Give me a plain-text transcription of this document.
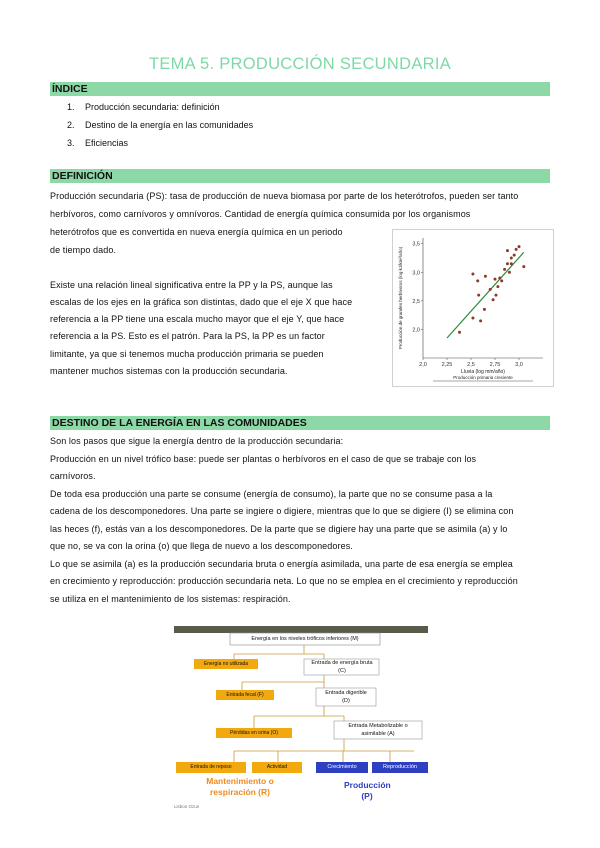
TEMA 5. PRODUCCIÓN SECUNDARIA
ÍNDICE
1. Producción secundaria: definición
2. Destino de la energía en las comunidades
3. Eficiencias
DEFINICIÓN
Producción secundaria (PS): tasa de producción de nueva biomasa por parte de los heterótrofos, pueden ser tanto
herbívoros, como carnívoros y omnívoros. Cantidad de energía química consumida por los organismos
heterótrofos que es convertida en nueva energía química en un periodo
de tiempo dado.
Existe una relación lineal significativa entre la PP y la PS, aunque las
escalas de los ejes en la gráfica son distintas, dado que el eje X que hace
referencia a la PP tiene una escala mucho mayor que el eje Y, que hace
referencia a la PS. Esto es el patrón. Para la PS, la PP es un factor
limitante, ya que si tenemos mucha producción primaria se pueden
mantener muchos sistemas con la producción secundaria.
2,0	2,25	2,5	2,75	3,0
2,0
2,5
3,0
3,5
Lluvia (log mm/año)
Producción primaria creciente
Producción de grandes herbívoros (log kJ/km²/año)
DESTINO DE LA ENERGÍA EN LAS COMUNIDADES
Son los pasos que sigue la energía dentro de la producción secundaria:
Producción en un nivel trófico base: puede ser plantas o herbívoros en el caso de que se trabaje con los
carnívoros.
De toda esa producción una parte se consume (energía de consumo), la parte que no se consume pasa a la
cadena de los descomponedores. Una parte se ingiere o digiere, mientras que lo que se digiere (I) se elimina con
las heces (f), estás van a los descomponedores. De la parte que se digiere hay una parte que se asimila (a) y lo
que no, se va con la orina (o) que llega de nuevo a los descomponedores.
Lo que se asimila (a) es la producción secundaria bruta o energía asimilada, una parte de esa energía se emplea
en crecimiento y reproducción: producción secundaria neta. Lo que no se emplea en el crecimiento y reproducción
se utiliza en el mantenimiento de los sistemas: respiración.
Energía en los niveles tróficos inferiores (M)
Energía no utilizada	Entrada de energía bruta (C)
Entrada fecal (F)	Entrada digerible (D)
Pérdidas en orina (O)
Entrada Metabolizable o asimilable (A)
Entrada de reposo	Actividad	Crecimiento	Reproducción
Mantenimiento o respiración (R)
Producción (P)
Lisbon Ozun
